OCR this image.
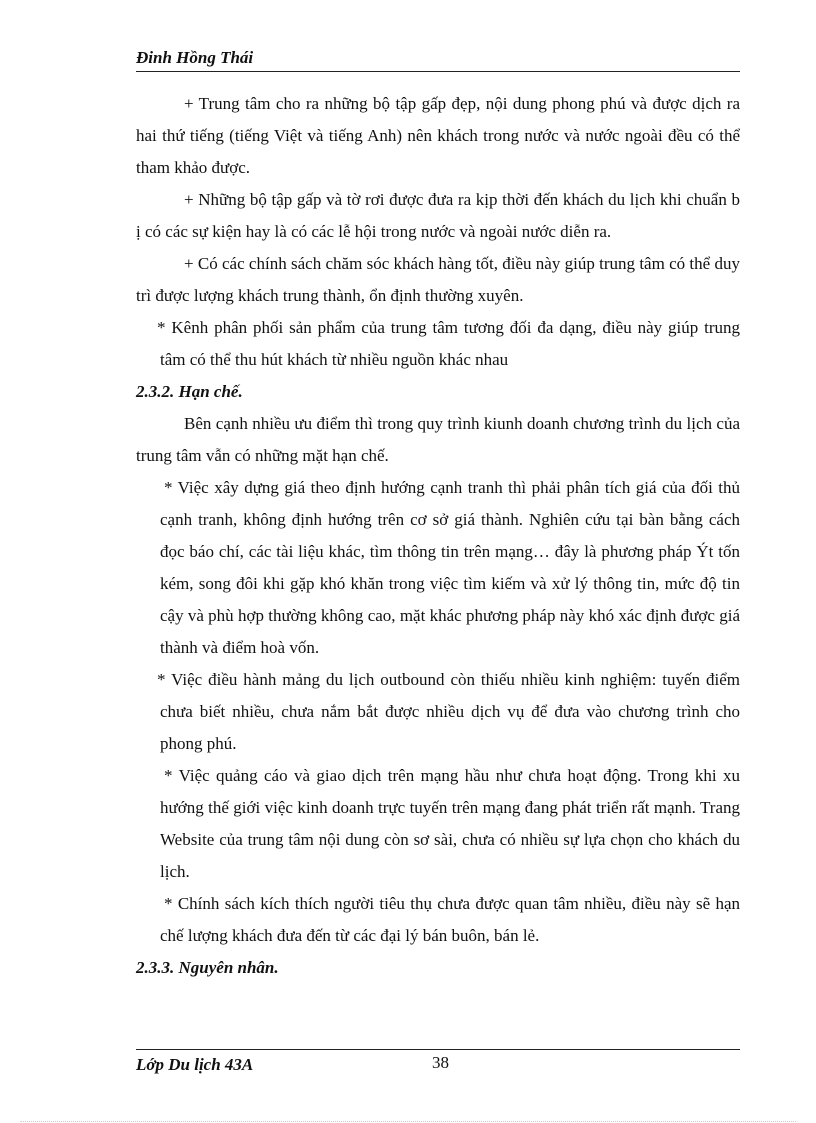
Đinh Hồng Thái

+ Trung tâm cho ra những bộ tập gấp đẹp, nội dung phong phú và được dịch ra hai thứ tiếng (tiếng Việt và tiếng Anh) nên khách trong nước và nước ngoài đều có thể tham khảo được.

+ Những bộ tập gấp và tờ rơi được đưa ra kịp thời đến khách du lịch khi chuẩn b ị có các sự kiện hay là có các lễ hội trong nước và ngoài nước diễn ra.

+ Có các chính sách chăm sóc khách hàng tốt, điều này giúp trung tâm có thể duy trì được lượng khách trung thành, ổn định thường xuyên.

* Kênh phân phối sản phẩm của trung tâm tương đối đa dạng, điều này giúp trung tâm có thể thu hút khách từ nhiều nguồn khác nhau

2.3.2. Hạn chế.

Bên cạnh nhiều ưu điểm thì trong quy trình kiunh doanh chương trình du lịch của trung tâm vẫn có những mặt hạn chế.

* Việc xây dựng giá theo định hướng cạnh tranh thì phải phân tích giá của đối thủ cạnh tranh, không định hướng trên cơ sở giá thành. Nghiên cứu tại bàn bằng cách đọc báo chí, các tài liệu khác, tìm thông tin trên mạng… đây là phương pháp Ýt tốn kém, song đôi khi gặp khó khăn trong việc tìm kiếm và xử lý thông tin, mức độ tin cậy và phù hợp thường không cao, mặt khác phương pháp này khó xác định được giá thành và điểm hoà vốn.

* Việc điều hành mảng du lịch outbound còn thiếu nhiều kinh nghiệm: tuyến điểm chưa biết nhiều, chưa nắm bắt được nhiều dịch vụ để đưa vào chương trình cho phong phú.

* Việc quảng cáo và giao dịch trên mạng hầu như chưa hoạt động. Trong khi xu hướng thế giới việc kinh doanh trực tuyến trên mạng đang phát triển rất mạnh. Trang Website của trung tâm nội dung còn sơ sài, chưa có nhiều sự lựa chọn cho khách du lịch.

* Chính sách kích thích người tiêu thụ chưa được quan tâm nhiều, điều này sẽ hạn chế lượng khách đưa đến từ các đại lý bán buôn, bán lẻ.

2.3.3. Nguyên nhân.

Lớp Du lịch 43A	38
